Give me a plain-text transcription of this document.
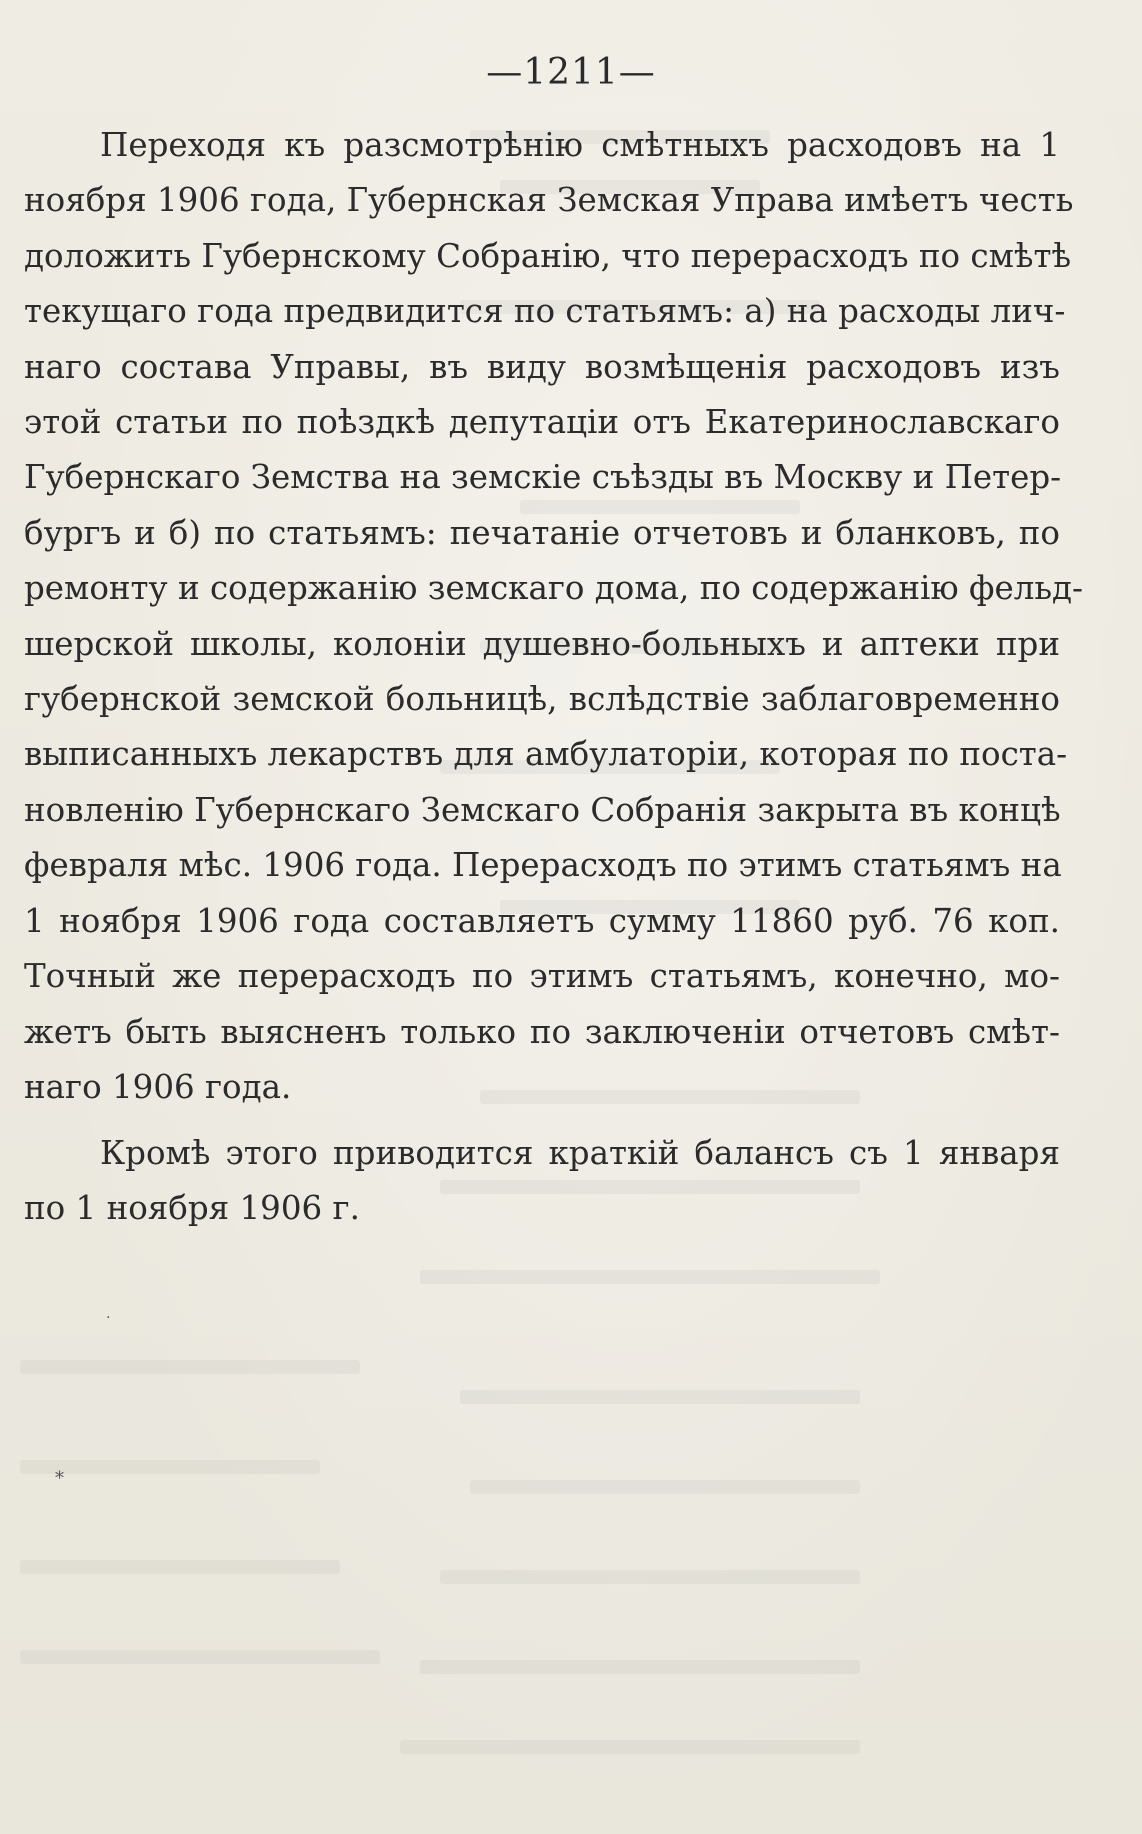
—1211—
Переходя къ разсмотрѣнію смѣтныхъ расходовъ на 1
ноября 1906 года, Губернская Земская Управа имѣетъ честь
доложить Губернскому Собранію, что перерасходъ по смѣтѣ
текущаго года предвидится по статьямъ: а) на расходы лич-
наго состава Управы, въ виду возмѣщенія расходовъ изъ
этой статьи по поѣздкѣ депутаціи отъ Екатеринославскаго
Губернскаго Земства на земскіе съѣзды въ Москву и Петер-
бургъ и б) по статьямъ: печатаніе отчетовъ и бланковъ, по
ремонту и содержанію земскаго дома, по содержанію фельд-
шерской школы, колоніи душевно-больныхъ и аптеки при
губернской земской больницѣ, вслѣдствіе заблаговременно
выписанныхъ лекарствъ для амбулаторіи, которая по поста-
новленію Губернскаго Земскаго Собранія закрыта въ концѣ
февраля мѣс. 1906 года. Перерасходъ по этимъ статьямъ на
1 ноября 1906 года составляетъ сумму 11860 руб. 76 коп.
Точный же перерасходъ по этимъ статьямъ, конечно, мо-
жетъ быть выясненъ только по заключеніи отчетовъ смѣт-
наго 1906 года.
Кромѣ этого приводится краткій балансъ съ 1 января
по 1 ноября 1906 г.
·
*
